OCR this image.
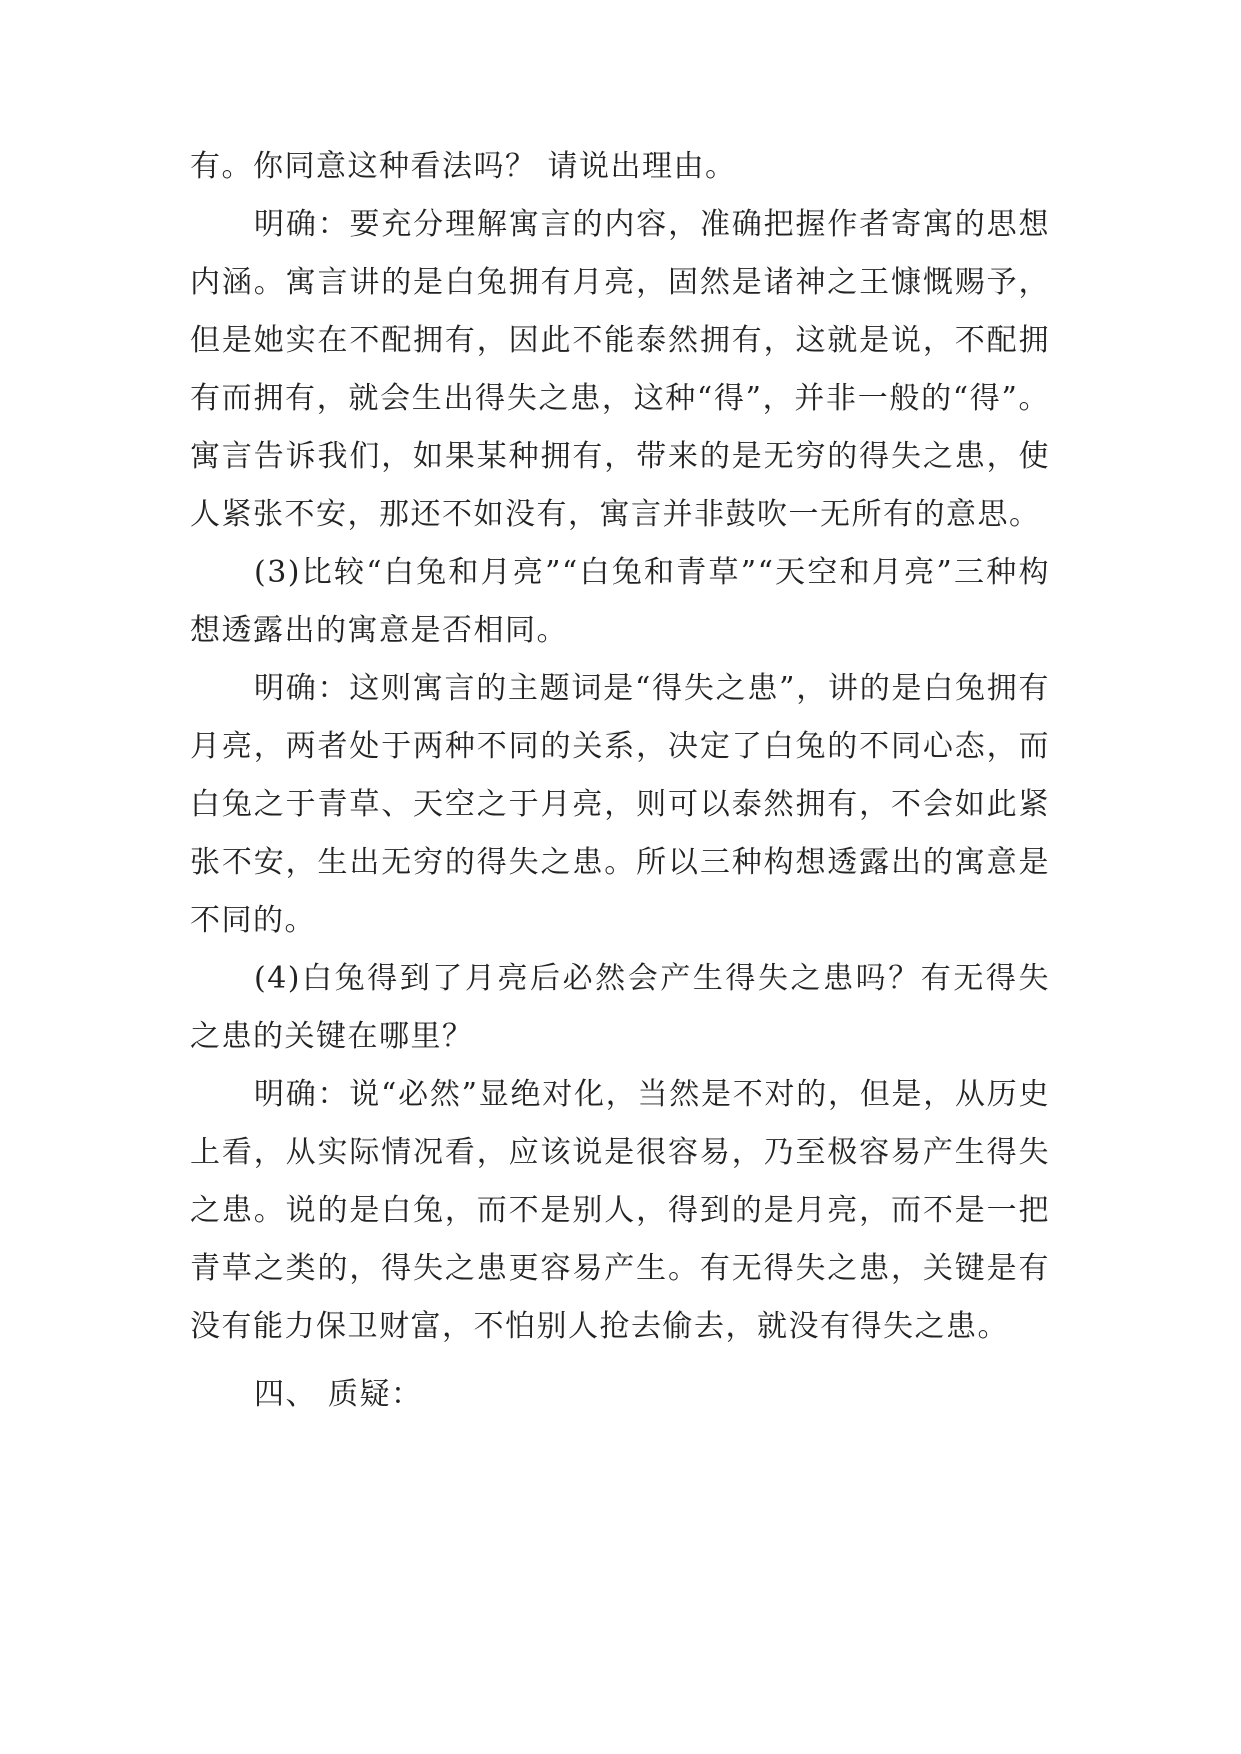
有。你同意这种看法吗？ 请说出理由。

明确：要充分理解寓言的内容，准确把握作者寄寓的思想内涵。寓言讲的是白兔拥有月亮，固然是诸神之王慷慨赐予，但是她实在不配拥有，因此不能泰然拥有，这就是说，不配拥有而拥有，就会生出得失之患，这种“得”，并非一般的“得”。寓言告诉我们，如果某种拥有，带来的是无穷的得失之患，使人紧张不安，那还不如没有，寓言并非鼓吹一无所有的意思。

(3)比较“白兔和月亮”“白兔和青草”“天空和月亮”三种构想透露出的寓意是否相同。

明确：这则寓言的主题词是“得失之患”，讲的是白兔拥有月亮，两者处于两种不同的关系，决定了白兔的不同心态，而白兔之于青草、天空之于月亮，则可以泰然拥有，不会如此紧张不安，生出无穷的得失之患。所以三种构想透露出的寓意是不同的。

(4)白兔得到了月亮后必然会产生得失之患吗？有无得失之患的关键在哪里？

明确：说“必然”显绝对化，当然是不对的，但是，从历史上看，从实际情况看，应该说是很容易，乃至极容易产生得失之患。说的是白兔，而不是别人，得到的是月亮，而不是一把青草之类的，得失之患更容易产生。有无得失之患，关键是有没有能力保卫财富，不怕别人抢去偷去，就没有得失之患。

四、 质疑：
